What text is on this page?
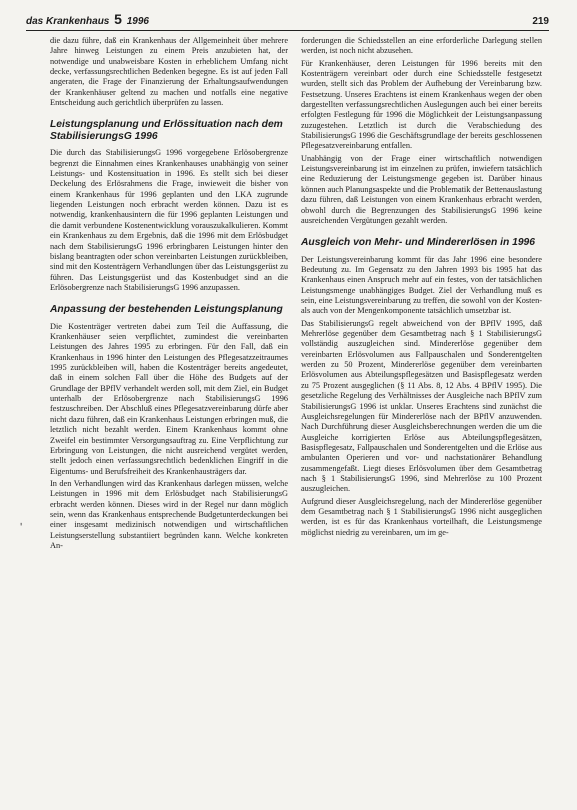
das Krankenhaus 5 1996	219
ʹ

die dazu führe, daß ein Krankenhaus der Allgemeinheit über mehrere Jahre hinweg Leistungen zu einem Preis anzubieten hat, der notwendige und unabweisbare Kosten in erheblichem Umfang nicht decke, verfassungsrechtlichen Bedenken begegne. Es ist auf jeden Fall angeraten, die Frage der Finanzierung der Erhaltungsaufwendungen der Krankenhäuser geltend zu machen und notfalls eine negative Entscheidung auch gerichtlich überprüfen zu lassen.

Leistungsplanung und Erlössituation nach dem StabilisierungsG 1996

Die durch das StabilisierungsG 1996 vorgegebene Erlösobergrenze begrenzt die Einnahmen eines Krankenhauses unabhängig von seiner Leistungs- und Kostensituation in 1996. Es stellt sich bei dieser Deckelung des Erlösrahmens die Frage, inwieweit die bisher von einem Krankenhaus für 1996 geplanten und den LKA zugrunde liegenden Leistungen noch erbracht werden können. Dazu ist es notwendig, krankenhausintern die für 1996 geplanten Leistungen und die damit verbundene Kostenentwicklung vorauszukalkulieren. Kommt ein Krankenhaus zu dem Ergebnis, daß die 1996 mit dem Erlösbudget nach dem StabilisierungsG 1996 erbringbaren Leistungen hinter den bislang beantragten oder schon vereinbarten Leistungen zurückbleiben, sind mit den Kostenträgern Verhandlungen über das Leistungsgerüst zu führen. Das Leistungsgerüst und das Kostenbudget sind an die Erlösobergrenze nach StabilisierungsG 1996 anzupassen.

Anpassung der bestehenden Leistungsplanung

Die Kostenträger vertreten dabei zum Teil die Auffassung, die Krankenhäuser seien verpflichtet, zumindest die vereinbarten Leistungen des Jahres 1995 zu erbringen. Für den Fall, daß ein Krankenhaus in 1996 hinter den Leistungen des Pflegesatzzeitraumes 1995 zurückbleiben will, haben die Kostenträger bereits angedeutet, daß in einem solchen Fall über die Höhe des Budgets auf der Grundlage der BPflV verhandelt werden soll, mit dem Ziel, ein Budget unterhalb der Erlösobergrenze nach StabilisierungsG 1996 festzuschreiben. Der Abschluß eines Pflegesatzvereinbarung dürfe aber nicht dazu führen, daß ein Krankenhaus Leistungen erbringen muß, die letztlich nicht bezahlt werden. Einem Krankenhaus kommt ohne Zweifel ein bestimmter Versorgungsauftrag zu. Eine Verpflichtung zur Erbringung von Leistungen, die nicht ausreichend vergütet werden, stellt jedoch einen verfassungsrechtlich bedenklichen Eingriff in die Eigentums- und Berufsfreiheit des Krankenhausträgers dar.

In den Verhandlungen wird das Krankenhaus darlegen müssen, welche Leistungen in 1996 mit dem Erlösbudget nach StabilisierungsG erbracht werden können. Dieses wird in der Regel nur dann möglich sein, wenn das Krankenhaus entsprechende Budgetunterdeckungen bei einer insgesamt medizinisch notwendigen und wirtschaftlichen Leistungserstellung substantiiert begründen kann. Welche konkreten An-

forderungen die Schiedsstellen an eine erforderliche Darlegung stellen werden, ist noch nicht abzusehen.

Für Krankenhäuser, deren Leistungen für 1996 bereits mit den Kostenträgern vereinbart oder durch eine Schiedsstelle festgesetzt wurden, stellt sich das Problem der Aufhebung der Vereinbarung bzw. Festsetzung. Unseres Erachtens ist einem Krankenhaus wegen der oben dargestellten verfassungsrechtlichen Auslegungen auch bei einer bereits erfolgten Festlegung für 1996 die Möglichkeit der Leistungsanpassung zuzugestehen. Letztlich ist durch die Verabschiedung des StabilisierungsG 1996 die Geschäftsgrundlage der bereits geschlossenen Pflegesatzvereinbarung entfallen.

Unabhängig von der Frage einer wirtschaftlich notwendigen Leistungsvereinbarung ist im einzelnen zu prüfen, inwiefern tatsächlich eine Reduzierung der Leistungsmenge gegeben ist. Darüber hinaus können auch Planungsaspekte und die Problematik der Bettenauslastung dazu führen, daß Leistungen von einem Krankenhaus erbracht werden, obwohl durch die Begrenzungen des StabilisierungsG 1996 keine ausreichenden Vergütungen gezahlt werden.

Ausgleich von Mehr- und Mindererlösen in 1996

Der Leistungsvereinbarung kommt für das Jahr 1996 eine besondere Bedeutung zu. Im Gegensatz zu den Jahren 1993 bis 1995 hat das Krankenhaus einen Anspruch mehr auf ein festes, von der tatsächlichen Leistungsmenge unabhängiges Budget. Ziel der Verhandlung muß es sein, eine Leistungsvereinbarung zu treffen, die sowohl von der Kosten- als auch von der Mengenkomponente tatsächlich umsetzbar ist.

Das StabilisierungsG regelt abweichend von der BPflV 1995, daß Mehrerlöse gegenüber dem Gesamtbetrag nach § 1 StabilisierungsG vollständig auszugleichen sind. Mindererlöse gegenüber dem vereinbarten Erlösvolumen aus Fallpauschalen und Sonderentgelten werden zu 50 Prozent, Mindererlöse gegenüber dem vereinbarten Erlösvolumen aus Abteilungspflegesätzen und Basispflegesatz werden zu 75 Prozent ausgeglichen (§ 11 Abs. 8, 12 Abs. 4 BPflV 1995). Die gesetzliche Regelung des Verhältnisses der Ausgleiche nach BPflV zum StabilisierungsG 1996 ist unklar. Unseres Erachtens sind zunächst die Ausgleichsregelungen für Mindererlöse nach der BPflV anzuwenden. Nach Durchführung dieser Ausgleichsberechnungen werden die um die Ausgleiche korrigierten Erlöse aus Abteilungspflegesätzen, Basispflegesatz, Fallpauschalen und Sonderentgelten und die Erlöse aus ambulanten Operieren und vor- und nachstationärer Behandlung zusammengefaßt. Liegt dieses Erlösvolumen über dem Gesamtbetrag nach § 1 StabilisierungsG 1996, sind Mehrerlöse zu 100 Prozent auszugleichen.

Aufgrund dieser Ausgleichsregelung, nach der Mindererlöse gegenüber dem Gesamtbetrag nach § 1 StabilisierungsG 1996 nicht ausgeglichen werden, ist es für das Krankenhaus vorteilhaft, die Leistungsmenge möglichst niedrig zu vereinbaren, um im ge-
